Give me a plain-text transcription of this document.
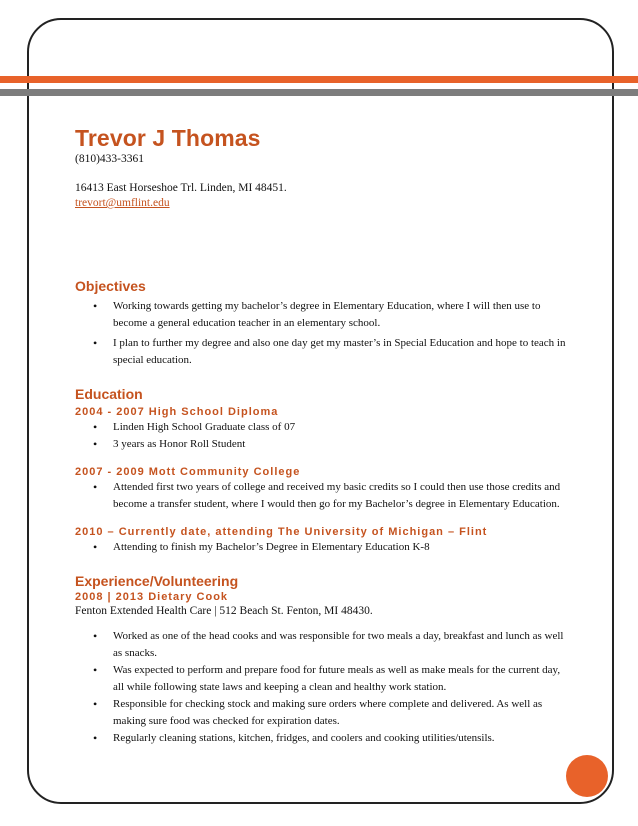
Trevor J Thomas

(810)433-3361

16413 East Horseshoe Trl. Linden, MI 48451.

trevort@umflint.edu

Objectives
• Working towards getting my bachelor’s degree in Elementary Education, where I will then use to become a general education teacher in an elementary school.
• I plan to further my degree and also one day get my master’s in Special Education and hope to teach in special education.
Education

2004 - 2007 High School Diploma

• Linden High School Graduate class of 07
• 3 years as Honor Roll Student

2007 - 2009 Mott Community College

• Attended first two years of college and received my basic credits so I could then use those credits and become a transfer student, where I would then go for my Bachelor’s degree in Elementary Education.

2010 – Currently date, attending The University of Michigan – Flint

• Attending to finish my Bachelor’s Degree in Elementary Education K-8
Experience/Volunteering

2008 | 2013 Dietary Cook

Fenton Extended Health Care | 512 Beach St. Fenton, MI 48430.

• Worked as one of the head cooks and was responsible for two meals a day, breakfast and lunch as well as snacks.
• Was expected to perform and prepare food for future meals as well as make meals for the current day, all while following state laws and keeping a clean and healthy work station.
• Responsible for checking stock and making sure orders where complete and delivered. As well as making sure food was checked for expiration dates.
• Regularly cleaning stations, kitchen, fridges, and coolers and cooking utilities/utensils.
